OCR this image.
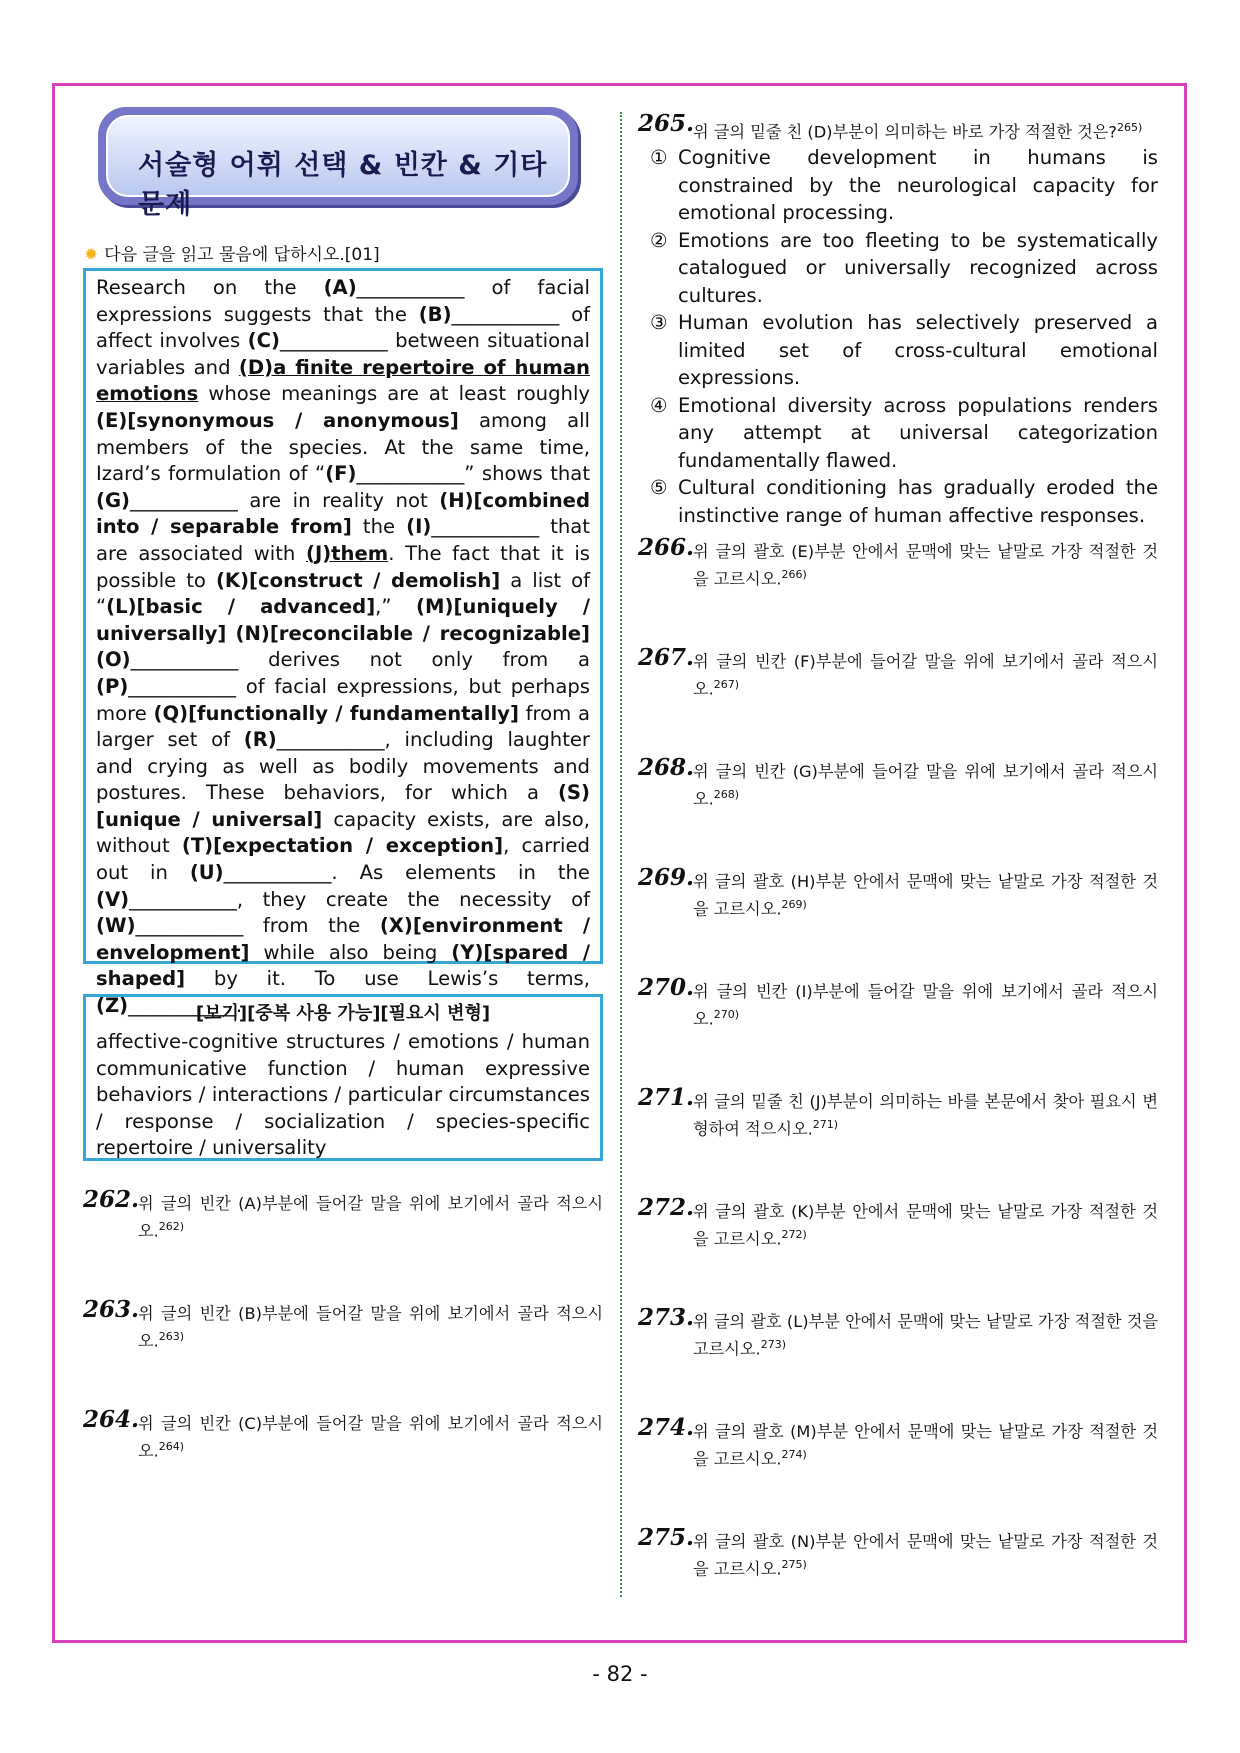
서술형 어휘 선택 & 빈칸 & 기타 문제
✹ 다음 글을 읽고 물음에 답하시오.[01]

Research on the (A)___________ of facial expressions suggests that the (B)___________ of affect involves (C)___________ between situational variables and (D)a finite repertoire of human emotions whose meanings are at least roughly (E)[synonymous / anonymous] among all members of the species. At the same time, Izard’s formulation of “(F)___________” shows that (G)___________ are in reality not (H)[combined into / separable from] the (I)___________ that are associated with (J)them. The fact that it is possible to (K)[construct / demolish] a list of “(L)[basic / advanced],” (M)[uniquely / universally] (N)[reconcilable / recognizable] (O)___________ derives not only from a (P)___________ of facial expressions, but perhaps more (Q)[functionally / fundamentally] from a larger set of (R)___________, including laughter and crying as well as bodily movements and postures. These behaviors, for which a (S)[unique / universal] capacity exists, are also, without (T)[expectation / exception], carried out in (U)___________. As elements in the (V)___________, they create the necessity of (W)___________ from the (X)[environment / envelopment] while also being (Y)[spared / shaped] by it. To use Lewis’s terms, (Z)___________.

[보기][중복 사용 가능][필요시 변형]

affective-cognitive structures / emotions / human communicative function / human expressive behaviors / interactions / particular circumstances / response / socialization / species-specific repertoire / universality

262.
위 글의 빈칸 (A)부분에 들어갈 말을 위에 보기에서 골라 적으시오.$^{262)}$
263.
위 글의 빈칸 (B)부분에 들어갈 말을 위에 보기에서 골라 적으시오.$^{263)}$
264.
위 글의 빈칸 (C)부분에 들어갈 말을 위에 보기에서 골라 적으시오.$^{264)}$
265.
위 글의 밑줄 친 (D)부분이 의미하는 바로 가장 적절한 것은?$^{265)}$

① Cognitive development in humans is constrained by the neurological capacity for emotional processing.

② Emotions are too fleeting to be systematically catalogued or universally recognized across cultures.

③ Human evolution has selectively preserved a limited set of cross-cultural emotional expressions.

④ Emotional diversity across populations renders any attempt at universal categorization fundamentally flawed.

⑤ Cultural conditioning has gradually eroded the instinctive range of human affective responses.

266.
위 글의 괄호 (E)부분 안에서 문맥에 맞는 낱말로 가장 적절한 것을 고르시오.$^{266)}$
267.
위 글의 빈칸 (F)부분에 들어갈 말을 위에 보기에서 골라 적으시오.$^{267)}$
268.
위 글의 빈칸 (G)부분에 들어갈 말을 위에 보기에서 골라 적으시오.$^{268)}$
269.
위 글의 괄호 (H)부분 안에서 문맥에 맞는 낱말로 가장 적절한 것을 고르시오.$^{269)}$
270.
위 글의 빈칸 (I)부분에 들어갈 말을 위에 보기에서 골라 적으시오.$^{270)}$
271.
위 글의 밑줄 친 (J)부분이 의미하는 바를 본문에서 찾아 필요시 변형하여 적으시오.$^{271)}$
272.
위 글의 괄호 (K)부분 안에서 문맥에 맞는 낱말로 가장 적절한 것을 고르시오.$^{272)}$
273.
위 글의 괄호 (L)부분 안에서 문맥에 맞는 낱말로 가장 적절한 것을 고르시오.$^{273)}$
274.
위 글의 괄호 (M)부분 안에서 문맥에 맞는 낱말로 가장 적절한 것을 고르시오.$^{274)}$
275.
위 글의 괄호 (N)부분 안에서 문맥에 맞는 낱말로 가장 적절한 것을 고르시오.$^{275)}$
- 82 -
